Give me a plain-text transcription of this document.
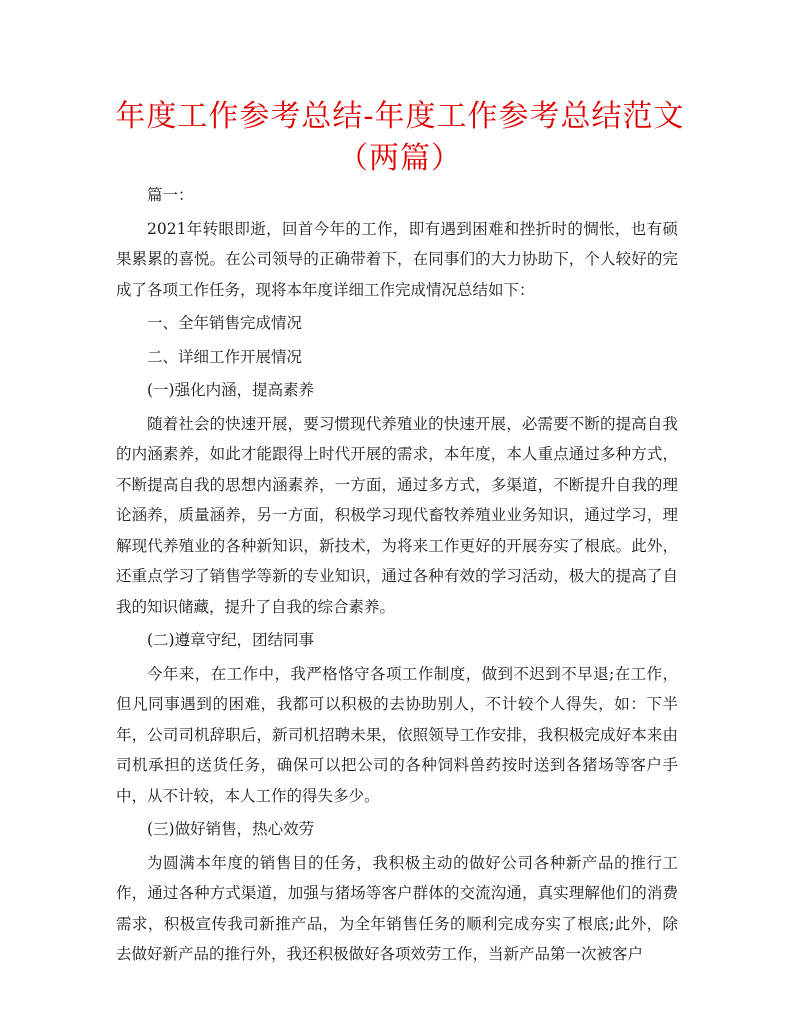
年度工作参考总结-年度工作参考总结范文（两篇）

篇一：

2021年转眼即逝，回首今年的工作，即有遇到困难和挫折时的惆怅，也有硕果累累的喜悦。在公司领导的正确带着下，在同事们的大力协助下，个人较好的完成了各项工作任务，现将本年度详细工作完成情况总结如下：

一、全年销售完成情况

二、详细工作开展情况

(一)强化内涵，提高素养

随着社会的快速开展，要习惯现代养殖业的快速开展，必需要不断的提高自我的内涵素养，如此才能跟得上时代开展的需求，本年度，本人重点通过多种方式，不断提高自我的思想内涵素养，一方面，通过多方式，多渠道，不断提升自我的理论涵养，质量涵养，另一方面，积极学习现代畜牧养殖业业务知识，通过学习，理解现代养殖业的各种新知识，新技术，为将来工作更好的开展夯实了根底。此外，还重点学习了销售学等新的专业知识，通过各种有效的学习活动，极大的提高了自我的知识储藏，提升了自我的综合素养。

(二)遵章守纪，团结同事

今年来，在工作中，我严格恪守各项工作制度，做到不迟到不早退;在工作，但凡同事遇到的困难，我都可以积极的去协助别人，不计较个人得失，如：下半年，公司司机辞职后，新司机招聘未果，依照领导工作安排，我积极完成好本来由司机承担的送货任务，确保可以把公司的各种饲料兽药按时送到各猪场等客户手中，从不计较，本人工作的得失多少。

(三)做好销售，热心效劳

为圆满本年度的销售目的任务，我积极主动的做好公司各种新产品的推行工作，通过各种方式渠道，加强与猪场等客户群体的交流沟通，真实理解他们的消费需求，积极宣传我司新推产品，为全年销售任务的顺利完成夯实了根底;此外，除去做好新产品的推行外，我还积极做好各项效劳工作，当新产品第一次被客户
